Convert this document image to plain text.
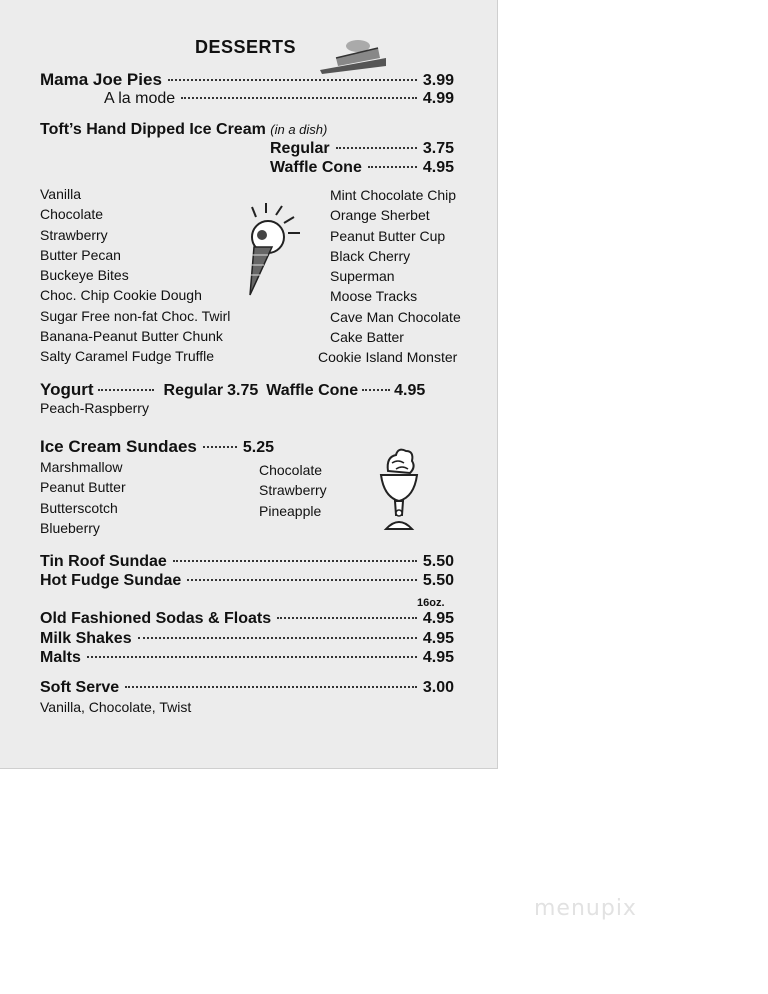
DESSERTS
Mama Joe Pies	3.99
A la mode	4.99
Toft’s Hand Dipped Ice Cream (in a dish)
Regular	3.75
Waffle Cone	4.95
Vanilla
Chocolate
Strawberry
Butter Pecan
Buckeye Bites
Choc. Chip Cookie Dough
Sugar Free non-fat Choc. Twirl
Banana-Peanut Butter Chunk
Salty Caramel Fudge Truffle
Mint Chocolate Chip
Orange Sherbet
Peanut Butter Cup
Black Cherry
Superman
Moose Tracks
Cave Man Chocolate
Cake Batter
Cookie Island Monster
Yogurt	Regular 3.75 Waffle Cone 4.95
Peach-Raspberry
Ice Cream Sundaes	5.25
Marshmallow
Peanut Butter
Butterscotch
Blueberry
Chocolate
Strawberry
Pineapple
Tin Roof Sundae	5.50
Hot Fudge Sundae	5.50
16oz.
Old Fashioned Sodas & Floats	4.95
Milk Shakes	4.95
Malts	4.95
Soft Serve	3.00
Vanilla, Chocolate, Twist
menupix
